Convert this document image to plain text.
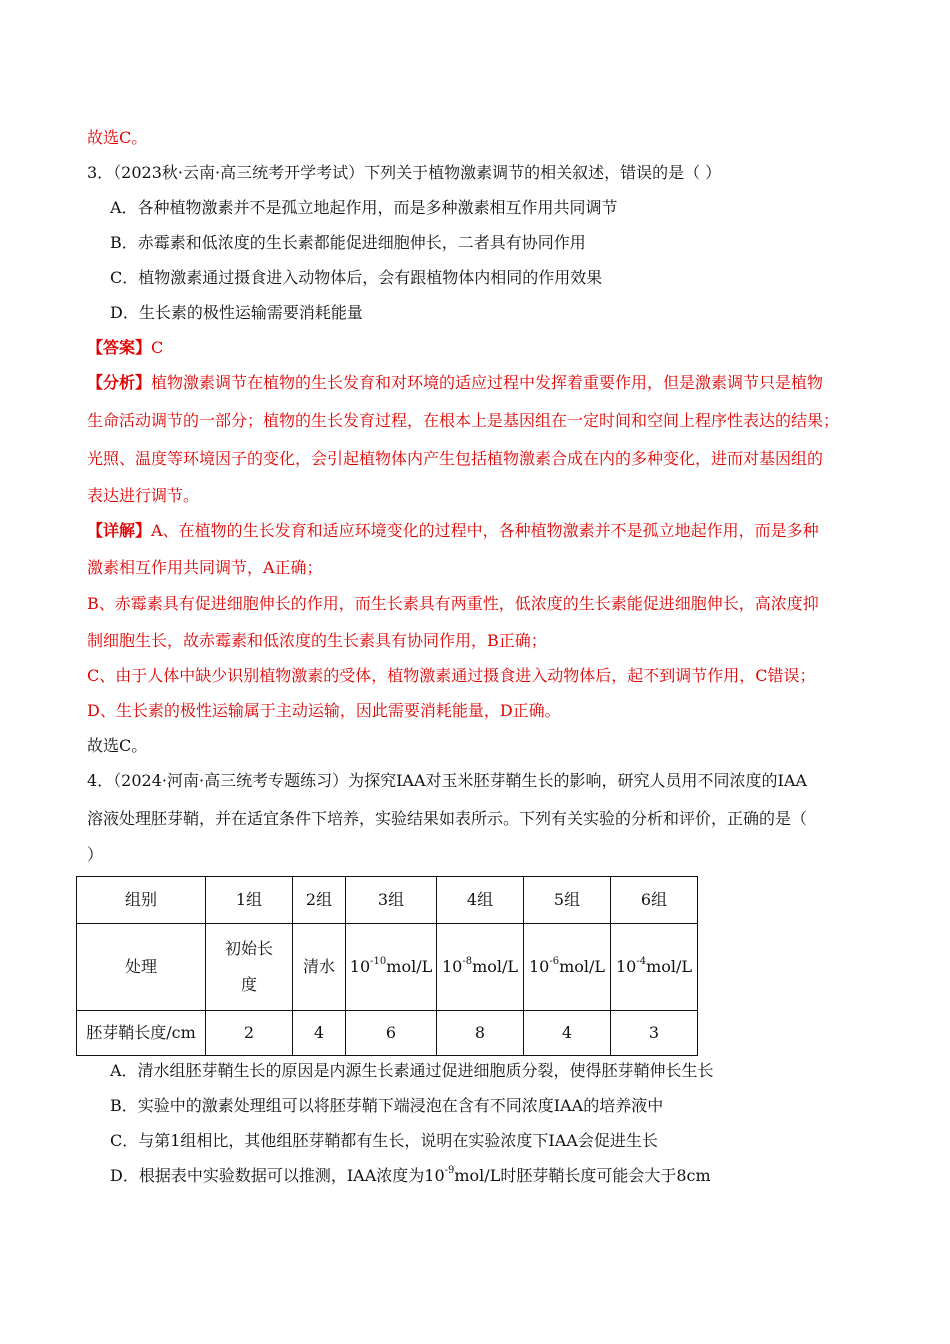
故选C。
3．（2023秋·云南·高三统考开学考试）下列关于植物激素调节的相关叙述，错误的是（ ）
A．各种植物激素并不是孤立地起作用，而是多种激素相互作用共同调节
B．赤霉素和低浓度的生长素都能促进细胞伸长，二者具有协同作用
C．植物激素通过摄食进入动物体后，会有跟植物体内相同的作用效果
D．生长素的极性运输需要消耗能量
【答案】C
【分析】植物激素调节在植物的生长发育和对环境的适应过程中发挥着重要作用，但是激素调节只是植物
生命活动调节的一部分；植物的生长发育过程，在根本上是基因组在一定时间和空间上程序性表达的结果；
光照、温度等环境因子的变化，会引起植物体内产生包括植物激素合成在内的多种变化，进而对基因组的
表达进行调节。
【详解】A、在植物的生长发育和适应环境变化的过程中，各种植物激素并不是孤立地起作用，而是多种
激素相互作用共同调节，A正确；
B、赤霉素具有促进细胞伸长的作用，而生长素具有两重性，低浓度的生长素能促进细胞伸长，高浓度抑
制细胞生长，故赤霉素和低浓度的生长素具有协同作用，B正确；
C、由于人体中缺少识别植物激素的受体，植物激素通过摄食进入动物体后，起不到调节作用，C错误；
D、生长素的极性运输属于主动运输，因此需要消耗能量，D正确。
故选C。
4．（2024·河南·高三统考专题练习）为探究IAA对玉米胚芽鞘生长的影响，研究人员用不同浓度的IAA
溶液处理胚芽鞘，并在适宜条件下培养，实验结果如表所示。下列有关实验的分析和评价，正确的是（
）
组别	1组	2组	3组	4组	5组	6组
处理	初始长
度	清水	$10^{-10}mol/L$	$10^{-8}mol/L$	$10^{-6}mol/L$	$10^{-4}mol/L$
胚芽鞘长度/cm	2	4	6	8	4	3
A．清水组胚芽鞘生长的原因是内源生长素通过促进细胞质分裂，使得胚芽鞘伸长生长
B．实验中的激素处理组可以将胚芽鞘下端浸泡在含有不同浓度IAA的培养液中
C．与第1组相比，其他组胚芽鞘都有生长，说明在实验浓度下IAA会促进生长
D．根据表中实验数据可以推测，IAA浓度为$10^{-9}mol/L$时胚芽鞘长度可能会大于8cm
